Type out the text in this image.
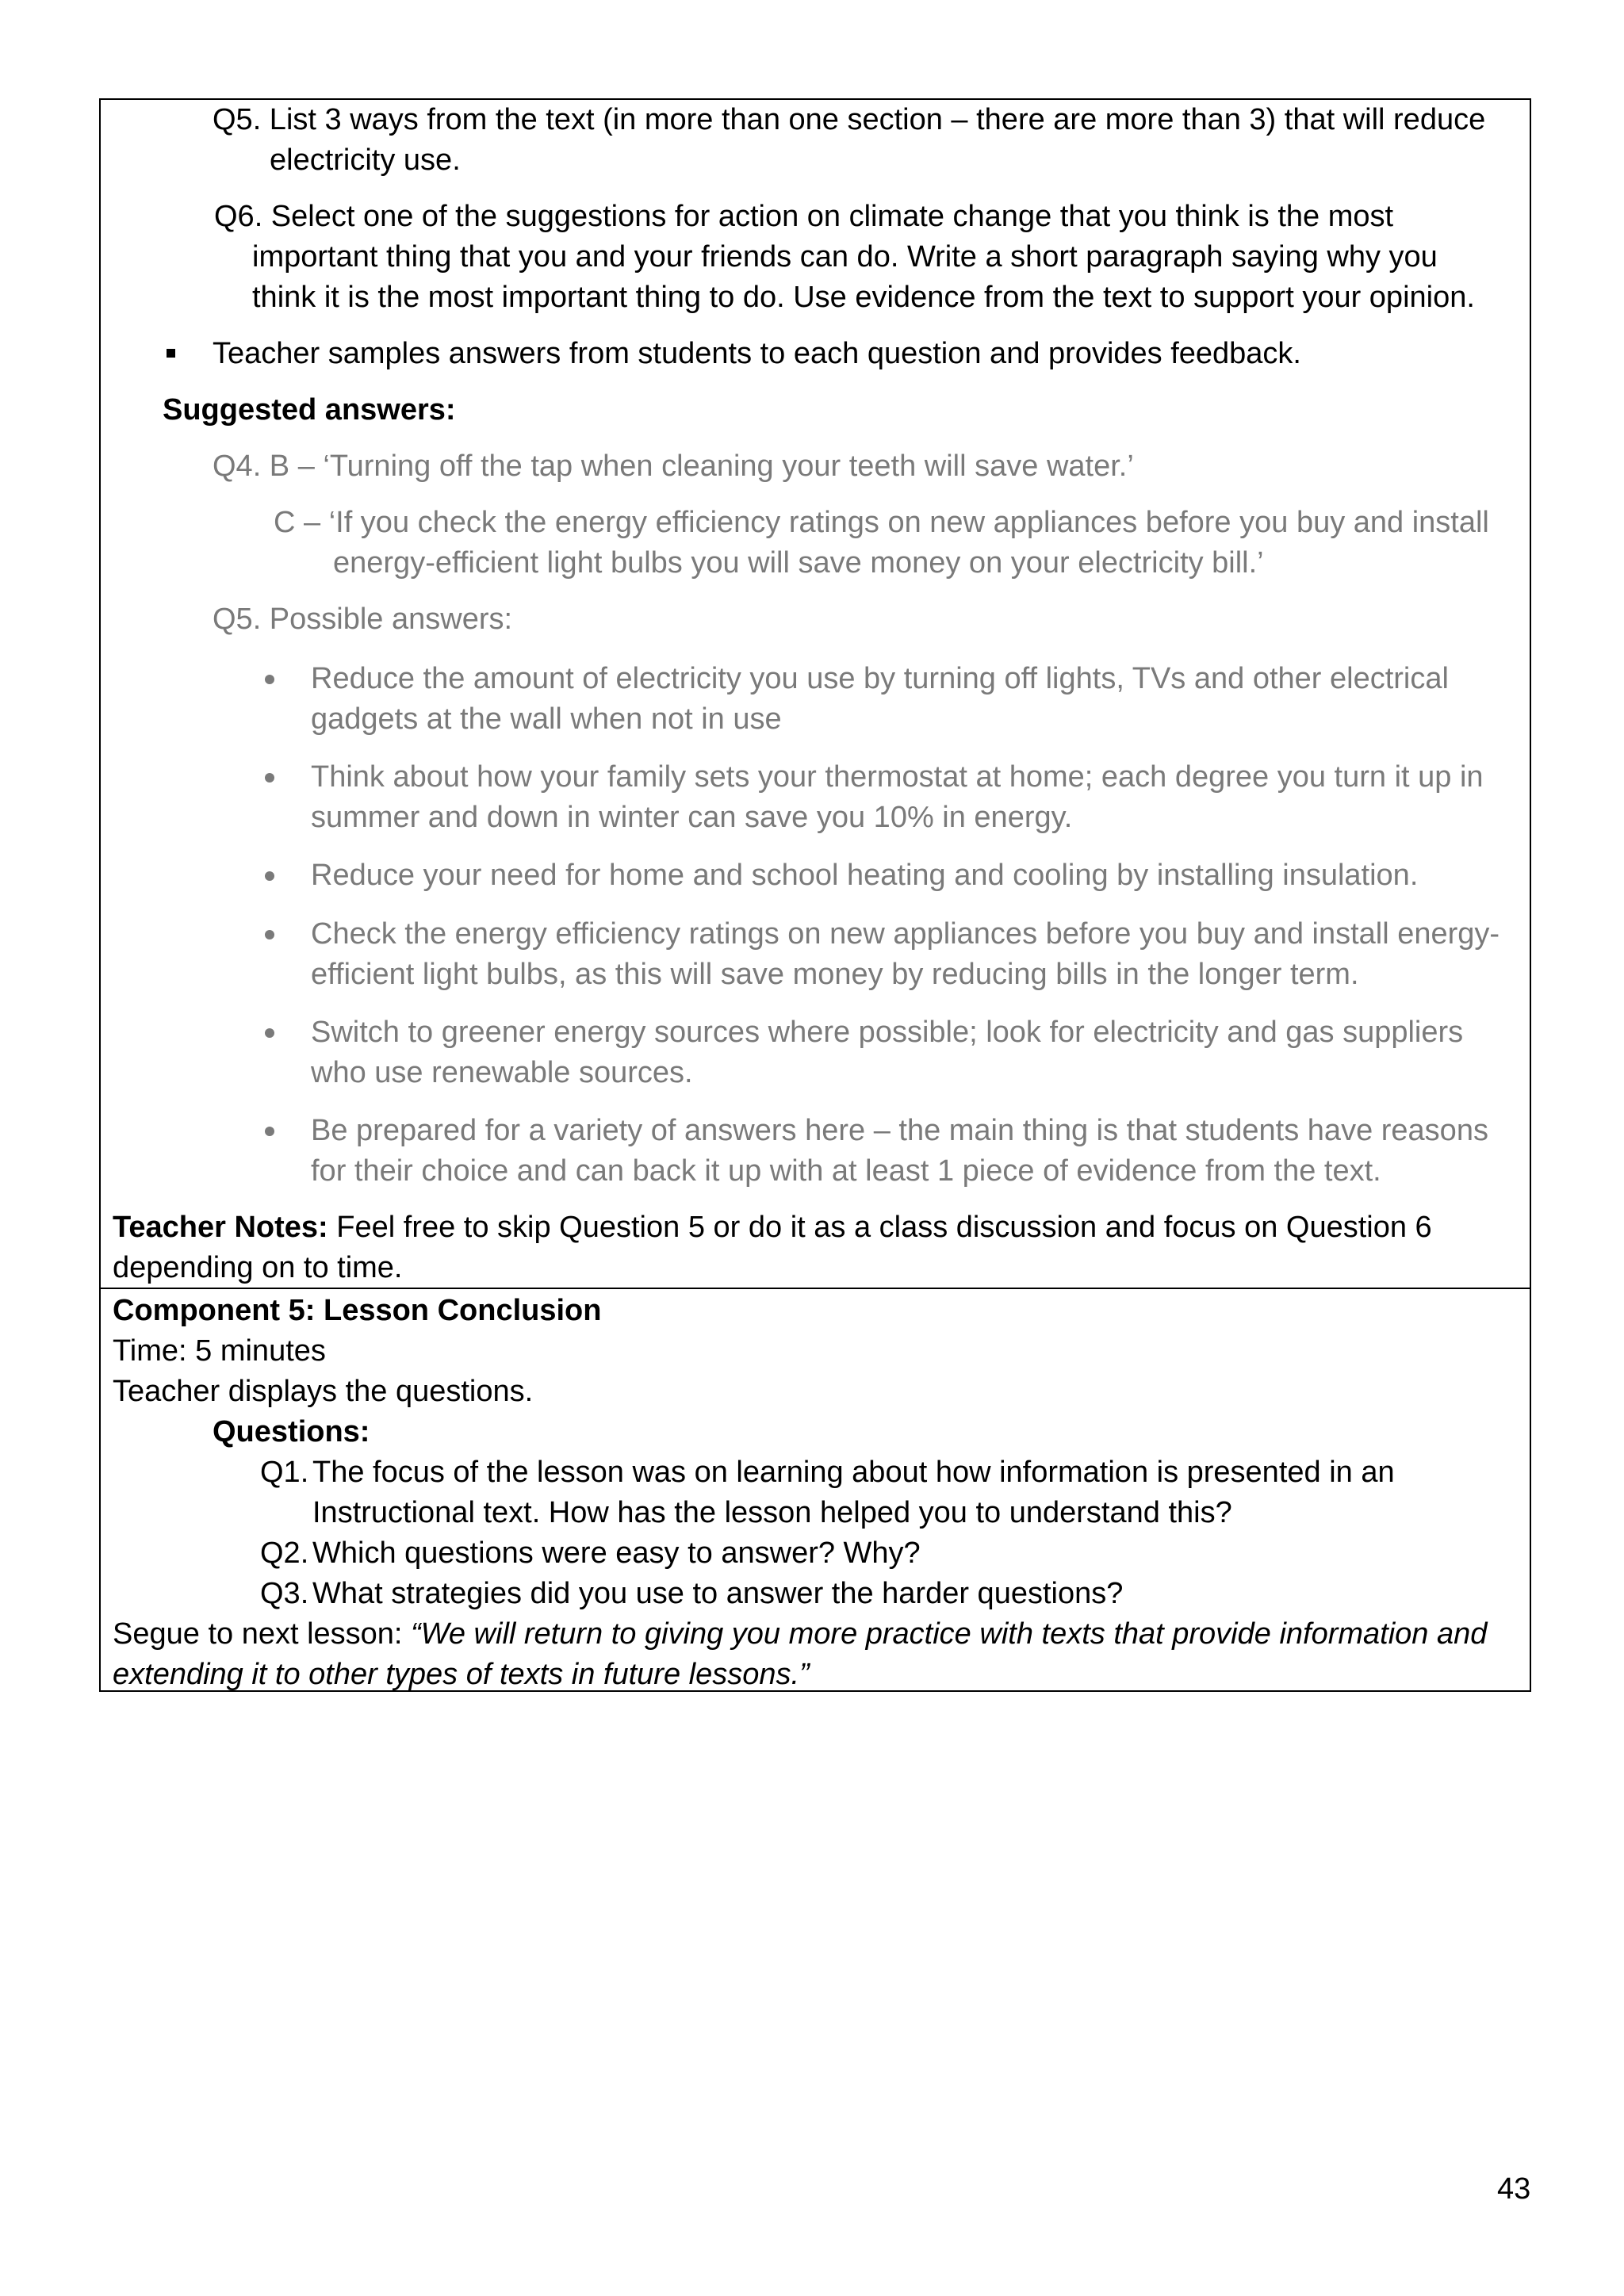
Q5. List 3 ways from the text (in more than one section – there are more than 3) that will reduce
electricity use.
Q6. Select one of the suggestions for action on climate change that you think is the most
important thing that you and your friends can do. Write a short paragraph saying why you
think it is the most important thing to do. Use evidence from the text to support your opinion.
Teacher samples answers from students to each question and provides feedback.
Suggested answers:
Q4. B – ‘Turning off the tap when cleaning your teeth will save water.’
C – ‘If you check the energy efficiency ratings on new appliances before you buy and install
energy-efficient light bulbs you will save money on your electricity bill.’
Q5. Possible answers:
Reduce the amount of electricity you use by turning off lights, TVs and other electrical
gadgets at the wall when not in use
Think about how your family sets your thermostat at home; each degree you turn it up in
summer and down in winter can save you 10% in energy.
Reduce your need for home and school heating and cooling by installing insulation.
Check the energy efficiency ratings on new appliances before you buy and install energy-
efficient light bulbs, as this will save money by reducing bills in the longer term.
Switch to greener energy sources where possible; look for electricity and gas suppliers
who use renewable sources.
Be prepared for a variety of answers here – the main thing is that students have reasons
for their choice and can back it up with at least 1 piece of evidence from the text.
Teacher Notes: Feel free to skip Question 5 or do it as a class discussion and focus on Question 6
depending on to time.
Component 5: Lesson Conclusion
Time: 5 minutes
Teacher displays the questions.
Questions:
Q1. The focus of the lesson was on learning about how information is presented in an
Instructional text. How has the lesson helped you to understand this?
Q2. Which questions were easy to answer? Why?
Q3. What strategies did you use to answer the harder questions?
Segue to next lesson: “We will return to giving you more practice with texts that provide information and
extending it to other types of texts in future lessons.”
43
